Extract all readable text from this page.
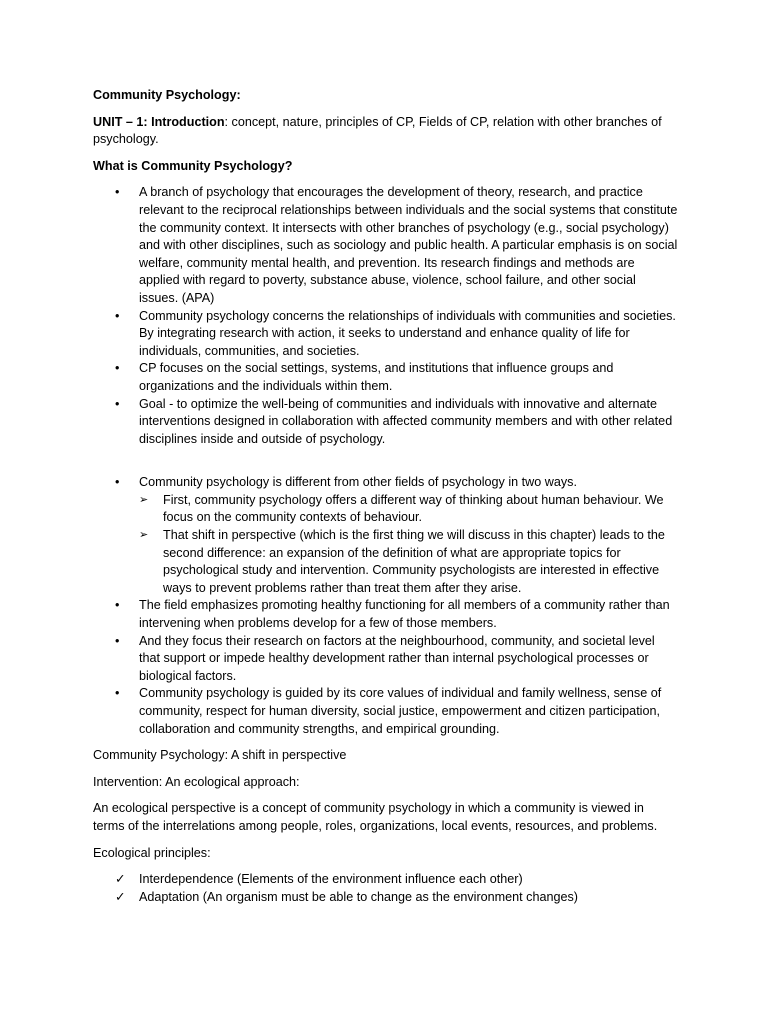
Community Psychology:

UNIT – 1: Introduction: concept, nature, principles of CP, Fields of CP, relation with other branches of psychology.

What is Community Psychology?

• A branch of psychology that encourages the development of theory, research, and practice relevant to the reciprocal relationships between individuals and the social systems that constitute the community context. It intersects with other branches of psychology (e.g., social psychology) and with other disciplines, such as sociology and public health. A particular emphasis is on social welfare, community mental health, and prevention. Its research findings and methods are applied with regard to poverty, substance abuse, violence, school failure, and other social issues. (APA)
• Community psychology concerns the relationships of individuals with communities and societies. By integrating research with action, it seeks to understand and enhance quality of life for individuals, communities, and societies.
• CP focuses on the social settings, systems, and institutions that influence groups and organizations and the individuals within them.
• Goal - to optimize the well-being of communities and individuals with innovative and alternate interventions designed in collaboration with affected community members and with other related disciplines inside and outside of psychology.
• Community psychology is different from other fields of psychology in two ways.
➢ First, community psychology offers a different way of thinking about human behaviour. We focus on the community contexts of behaviour.
➢ That shift in perspective (which is the first thing we will discuss in this chapter) leads to the second difference: an expansion of the definition of what are appropriate topics for psychological study and intervention. Community psychologists are interested in effective ways to prevent problems rather than treat them after they arise.
• The field emphasizes promoting healthy functioning for all members of a community rather than intervening when problems develop for a few of those members.
• And they focus their research on factors at the neighbourhood, community, and societal level that support or impede healthy development rather than internal psychological processes or biological factors.
• Community psychology is guided by its core values of individual and family wellness, sense of community, respect for human diversity, social justice, empowerment and citizen participation, collaboration and community strengths, and empirical grounding.

Community Psychology: A shift in perspective

Intervention: An ecological approach:

An ecological perspective is a concept of community psychology in which a community is viewed in terms of the interrelations among people, roles, organizations, local events, resources, and problems.

Ecological principles:

✓ Interdependence (Elements of the environment influence each other)
✓ Adaptation (An organism must be able to change as the environment changes)
